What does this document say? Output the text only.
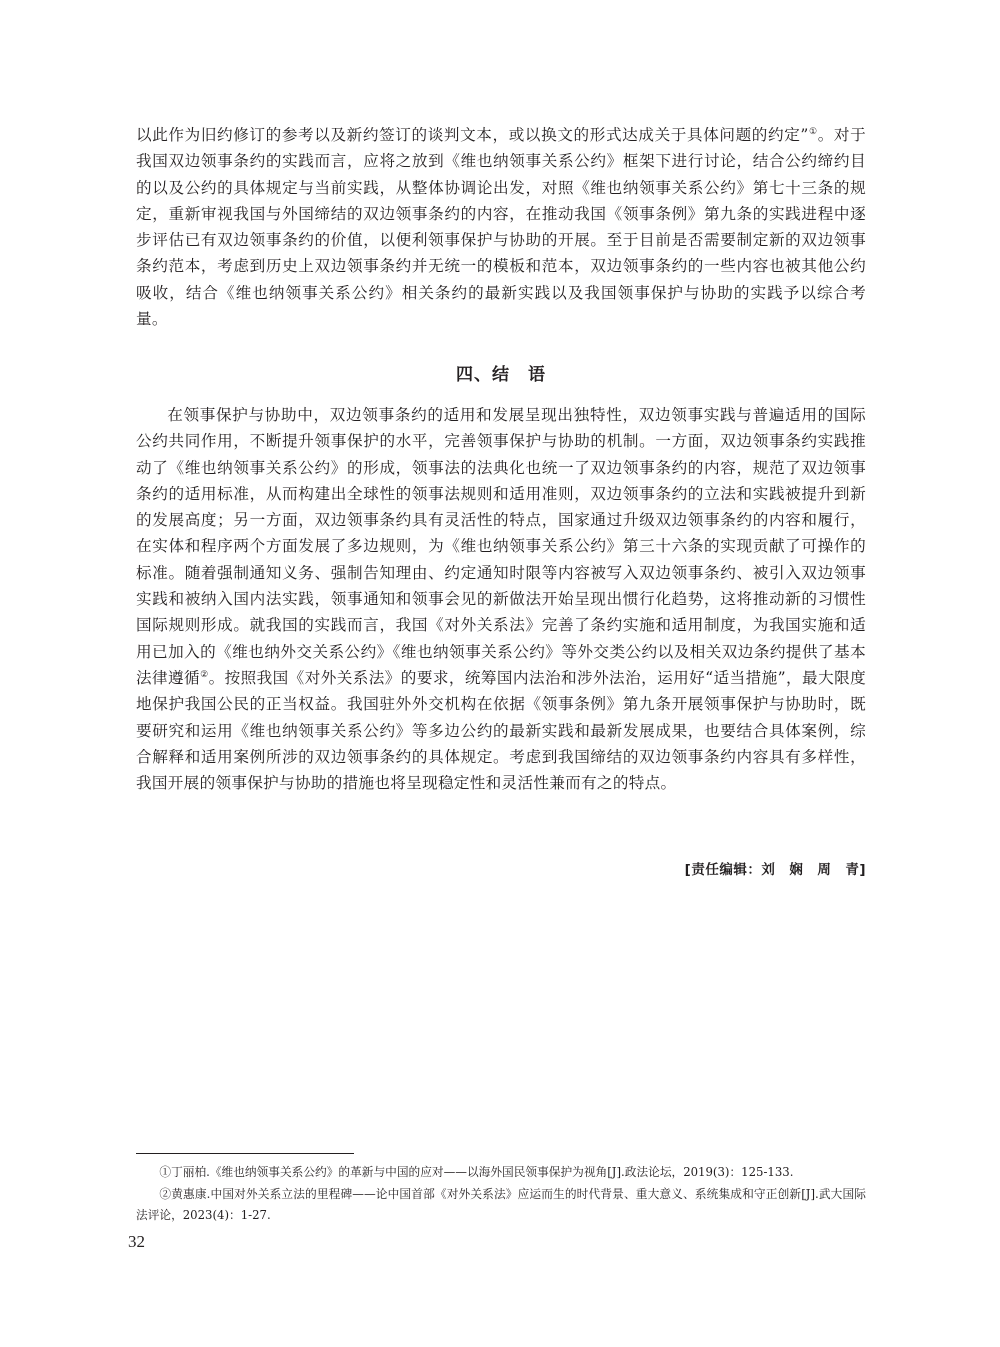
以此作为旧约修订的参考以及新约签订的谈判文本，或以换文的形式达成关于具体问题的约定”①。对于我国双边领事条约的实践而言，应将之放到《维也纳领事关系公约》框架下进行讨论，结合公约缔约目的以及公约的具体规定与当前实践，从整体协调论出发，对照《维也纳领事关系公约》第七十三条的规定，重新审视我国与外国缔结的双边领事条约的内容，在推动我国《领事条例》第九条的实践进程中逐步评估已有双边领事条约的价值，以便利领事保护与协助的开展。至于目前是否需要制定新的双边领事条约范本，考虑到历史上双边领事条约并无统一的模板和范本，双边领事条约的一些内容也被其他公约吸收，结合《维也纳领事关系公约》相关条约的最新实践以及我国领事保护与协助的实践予以综合考量。

四、结　语

在领事保护与协助中，双边领事条约的适用和发展呈现出独特性，双边领事实践与普遍适用的国际公约共同作用，不断提升领事保护的水平，完善领事保护与协助的机制。一方面，双边领事条约实践推动了《维也纳领事关系公约》的形成，领事法的法典化也统一了双边领事条约的内容，规范了双边领事条约的适用标准，从而构建出全球性的领事法规则和适用准则，双边领事条约的立法和实践被提升到新的发展高度；另一方面，双边领事条约具有灵活性的特点，国家通过升级双边领事条约的内容和履行，在实体和程序两个方面发展了多边规则，为《维也纳领事关系公约》第三十六条的实现贡献了可操作的标准。随着强制通知义务、强制告知理由、约定通知时限等内容被写入双边领事条约、被引入双边领事实践和被纳入国内法实践，领事通知和领事会见的新做法开始呈现出惯行化趋势，这将推动新的习惯性国际规则形成。就我国的实践而言，我国《对外关系法》完善了条约实施和适用制度，为我国实施和适用已加入的《维也纳外交关系公约》《维也纳领事关系公约》等外交类公约以及相关双边条约提供了基本法律遵循②。按照我国《对外关系法》的要求，统筹国内法治和涉外法治，运用好“适当措施”，最大限度地保护我国公民的正当权益。我国驻外外交机构在依据《领事条例》第九条开展领事保护与协助时，既要研究和运用《维也纳领事关系公约》等多边公约的最新实践和最新发展成果，也要结合具体案例，综合解释和适用案例所涉的双边领事条约的具体规定。考虑到我国缔结的双边领事条约内容具有多样性，我国开展的领事保护与协助的措施也将呈现稳定性和灵活性兼而有之的特点。

[责任编辑：刘　娴　周　青]

①丁丽柏.《维也纳领事关系公约》的革新与中国的应对——以海外国民领事保护为视角[J].政法论坛，2019(3)：125-133.

②黄惠康.中国对外关系立法的里程碑——论中国首部《对外关系法》应运而生的时代背景、重大意义、系统集成和守正创新[J].武大国际法评论，2023(4)：1-27.

32
